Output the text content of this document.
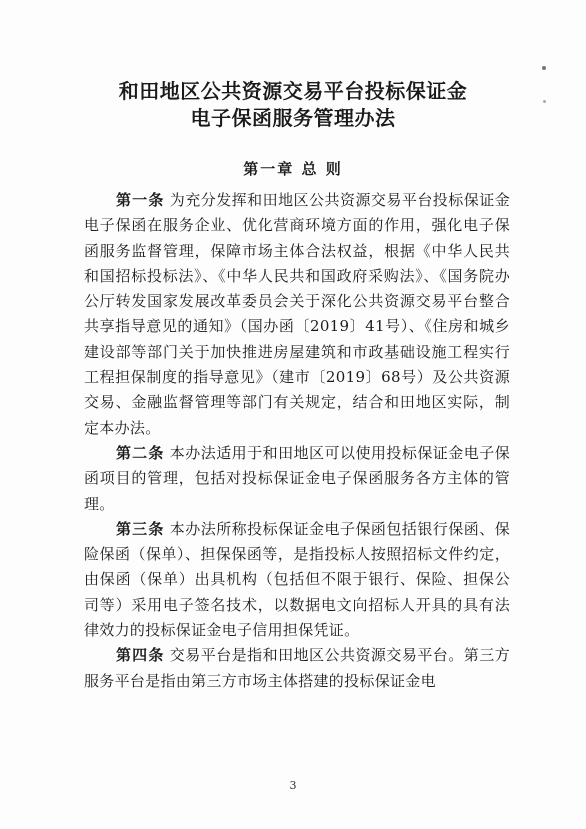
和田地区公共资源交易平台投标保证金
电子保函服务管理办法
第一章 总 则

第一条 为充分发挥和田地区公共资源交易平台投标保证金电子保函在服务企业、优化营商环境方面的作用，强化电子保函服务监督管理，保障市场主体合法权益，根据《中华人民共和国招标投标法》、《中华人民共和国政府采购法》、《国务院办公厅转发国家发展改革委员会关于深化公共资源交易平台整合共享指导意见的通知》（国办函〔2019〕41号）、《住房和城乡建设部等部门关于加快推进房屋建筑和市政基础设施工程实行工程担保制度的指导意见》（建市〔2019〕68号）及公共资源交易、金融监督管理等部门有关规定，结合和田地区实际，制定本办法。

第二条 本办法适用于和田地区可以使用投标保证金电子保函项目的管理，包括对投标保证金电子保函服务各方主体的管理。

第三条 本办法所称投标保证金电子保函包括银行保函、保险保函（保单）、担保保函等，是指投标人按照招标文件约定，由保函（保单）出具机构（包括但不限于银行、保险、担保公司等）采用电子签名技术，以数据电文向招标人开具的具有法律效力的投标保证金电子信用担保凭证。

第四条 交易平台是指和田地区公共资源交易平台。第三方服务平台是指由第三方市场主体搭建的投标保证金电

3
